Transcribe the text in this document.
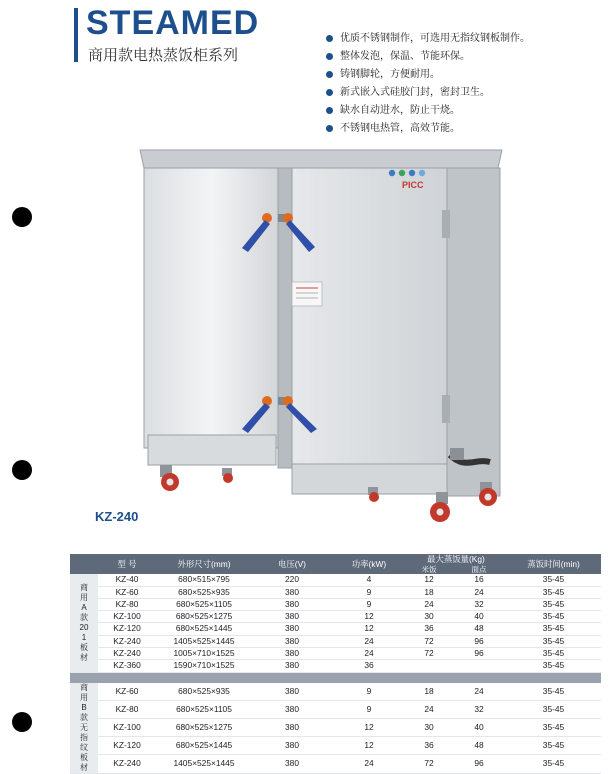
STEAMED
商用款电热蒸饭柜系列
优质不锈钢制作，可选用无指纹钢板制作。
整体发泡，保温、节能环保。
铸钢脚轮，方便耐用。
新式嵌入式硅胶门封，密封卫生。
缺水自动进水，防止干烧。
不锈钢电热管，高效节能。
PICC
KZ-240
	型 号	外形尺寸(mm)	电压(V)	功率(kW)	最大蒸饭量(Kg)		蒸饭时间(min)
					米饭	面点	
商用A款 201板材	KZ-40	680×515×795	220	4	12	16	35-45
	KZ-60	680×525×935	380	9	18	24	35-45
	KZ-80	680×525×1105	380	9	24	32	35-45
	KZ-100	680×525×1275	380	12	30	40	35-45
	KZ-120	680×525×1445	380	12	36	48	35-45
	KZ-240	1405×525×1445	380	24	72	96	35-45
	KZ-240	1005×710×1525	380	24	72	96	35-45
	KZ-360	1590×710×1525	380	36			35-45

商用B款无指纹板材	KZ-60	680×525×935	380	9	18	24	35-45
	KZ-80	680×525×1105	380	9	24	32	35-45
	KZ-100	680×525×1275	380	12	30	40	35-45
	KZ-120	680×525×1445	380	12	36	48	35-45
	KZ-240	1405×525×1445	380	24	72	96	35-45
